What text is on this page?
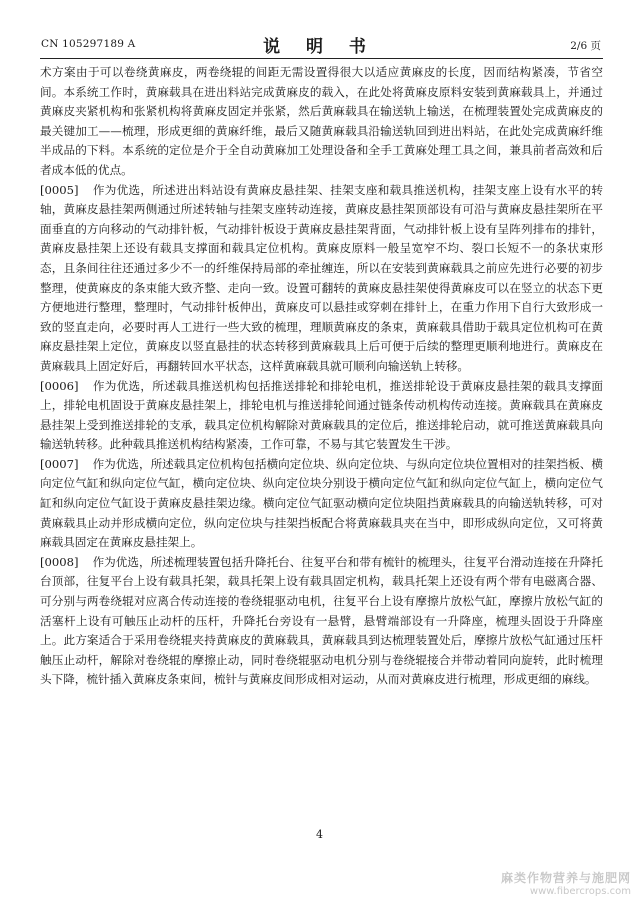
CN 105297189 A	说 明 书	2/6 页

术方案由于可以卷绕黄麻皮，两卷绕辊的间距无需设置得很大以适应黄麻皮的长度，因而结构紧凑，节省空间。本系统工作时，黄麻载具在进出料站完成黄麻皮的载入，在此处将黄麻皮原料安装到黄麻载具上，并通过黄麻皮夹紧机构和张紧机构将黄麻皮固定并张紧，然后黄麻载具在输送轨上输送，在梳理装置处完成黄麻皮的最关键加工——梳理，形成更细的黄麻纤维，最后又随黄麻载具沿输送轨回到进出料站，在此处完成黄麻纤维半成品的下料。本系统的定位是介于全自动黄麻加工处理设备和全手工黄麻处理工具之间，兼具前者高效和后者成本低的优点。

[0005] 作为优选，所述进出料站设有黄麻皮悬挂架、挂架支座和载具推送机构，挂架支座上设有水平的转轴，黄麻皮悬挂架两侧通过所述转轴与挂架支座转动连接，黄麻皮悬挂架顶部设有可沿与黄麻皮悬挂架所在平面垂直的方向移动的气动排针板，气动排针板设于黄麻皮悬挂架背面，气动排针板上设有呈阵列排布的排针，黄麻皮悬挂架上还设有载具支撑面和载具定位机构。黄麻皮原料一般呈宽窄不均、裂口长短不一的条状束形态，且条间往往还通过多少不一的纤维保持局部的牵扯缠连，所以在安装到黄麻载具之前应先进行必要的初步整理，使黄麻皮的条束能大致齐整、走向一致。设置可翻转的黄麻皮悬挂架使得黄麻皮可以在竖立的状态下更方便地进行整理，整理时，气动排针板伸出，黄麻皮可以悬挂或穿刺在排针上，在重力作用下自行大致形成一致的竖直走向，必要时再人工进行一些大致的梳理，理顺黄麻皮的条束，黄麻载具借助于载具定位机构可在黄麻皮悬挂架上定位，黄麻皮以竖直悬挂的状态转移到黄麻载具上后可便于后续的整理更顺利地进行。黄麻皮在黄麻载具上固定好后，再翻转回水平状态，这样黄麻载具就可顺利向输送轨上转移。

[0006] 作为优选，所述载具推送机构包括推送排轮和排轮电机，推送排轮设于黄麻皮悬挂架的载具支撑面上，排轮电机固设于黄麻皮悬挂架上，排轮电机与推送排轮间通过链条传动机构传动连接。黄麻载具在黄麻皮悬挂架上受到推送排轮的支承，载具定位机构解除对黄麻载具的定位后，推送排轮启动，就可推送黄麻载具向输送轨转移。此种载具推送机构结构紧凑，工作可靠，不易与其它装置发生干涉。

[0007] 作为优选，所述载具定位机构包括横向定位块、纵向定位块、与纵向定位块位置相对的挂架挡板、横向定位气缸和纵向定位气缸，横向定位块、纵向定位块分别设于横向定位气缸和纵向定位气缸上，横向定位气缸和纵向定位气缸设于黄麻皮悬挂架边缘。横向定位气缸驱动横向定位块阻挡黄麻载具的向输送轨转移，可对黄麻载具止动并形成横向定位，纵向定位块与挂架挡板配合将黄麻载具夹在当中，即形成纵向定位，又可将黄麻载具固定在黄麻皮悬挂架上。

[0008] 作为优选，所述梳理装置包括升降托台、往复平台和带有梳针的梳理头，往复平台滑动连接在升降托台顶部，往复平台上设有载具托架，载具托架上设有载具固定机构，载具托架上还设有两个带有电磁离合器、可分别与两卷绕辊对应离合传动连接的卷绕辊驱动电机，往复平台上设有摩擦片放松气缸，摩擦片放松气缸的活塞杆上设有可触压止动杆的压杆，升降托台旁设有一悬臂，悬臂端部设有一升降座，梳理头固设于升降座上。此方案适合于采用卷绕辊夹持黄麻皮的黄麻载具，黄麻载具到达梳理装置处后，摩擦片放松气缸通过压杆触压止动杆，解除对卷绕辊的摩擦止动，同时卷绕辊驱动电机分别与卷绕辊接合并带动着同向旋转，此时梳理头下降，梳针插入黄麻皮条束间，梳针与黄麻皮间形成相对运动，从而对黄麻皮进行梳理，形成更细的麻线。

4
麻类作物营养与施肥网
www.fibercrops.com
